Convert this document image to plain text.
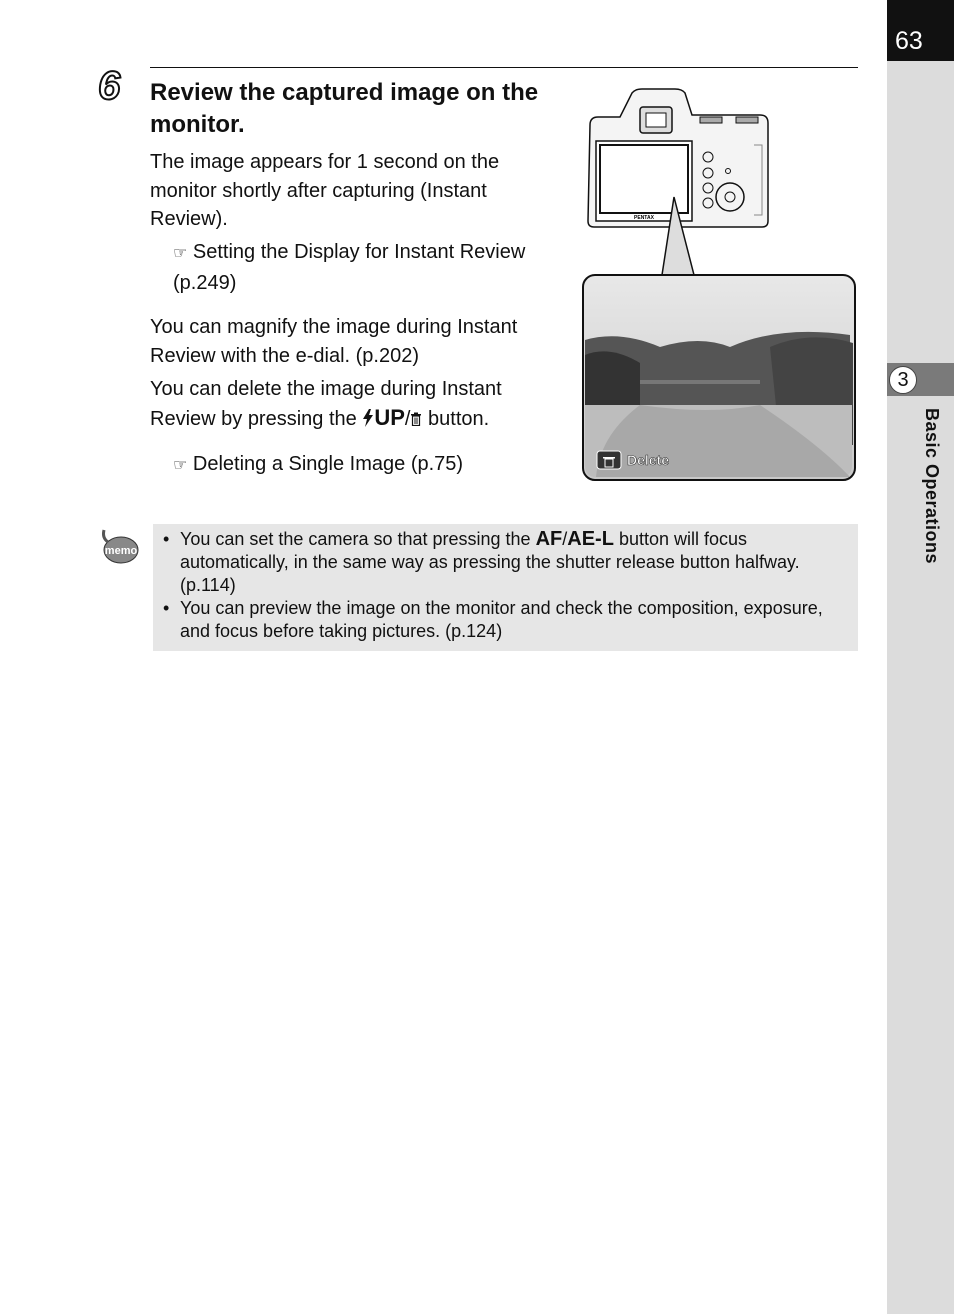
63
3
Basic Operations
6 Review the captured image on the monitor.
The image appears for 1 second on the monitor shortly after capturing (Instant Review).
☞ Setting the Display for Instant Review (p.249)
You can magnify the image during Instant Review with the e-dial. (p.202)
You can delete the image during Instant Review by pressing the UP/ button.
☞ Deleting a Single Image (p.75)
PENTAX
Delete
memo
• You can set the camera so that pressing the AF/AE-L button will focus automatically, in the same way as pressing the shutter release button halfway. (p.114)
• You can preview the image on the monitor and check the composition, exposure, and focus before taking pictures. (p.124)
